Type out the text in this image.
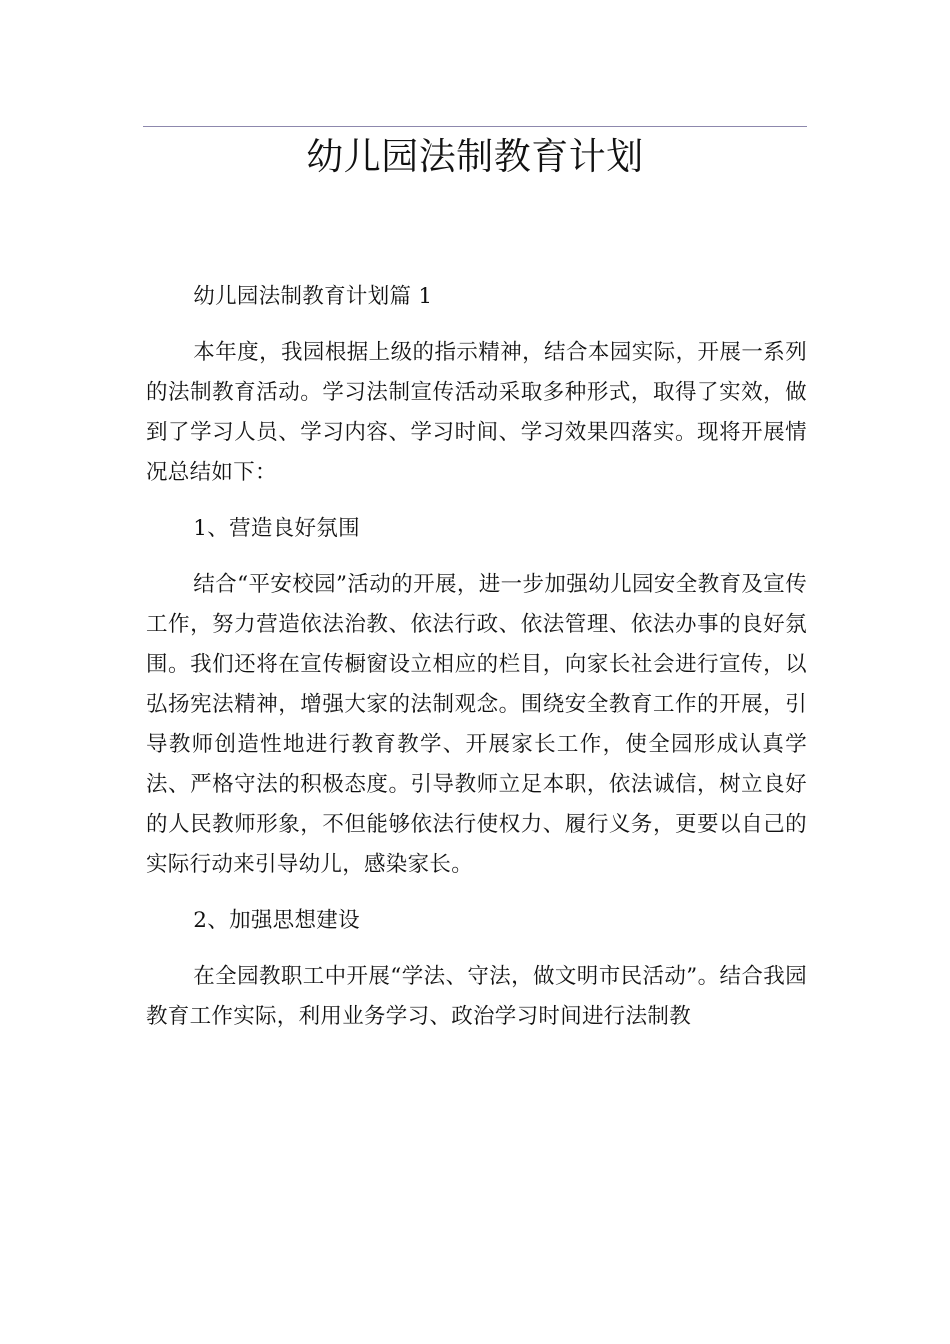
幼儿园法制教育计划

幼儿园法制教育计划篇 1

本年度，我园根据上级的指示精神，结合本园实际，开展一系列的法制教育活动。学习法制宣传活动采取多种形式，取得了实效，做到了学习人员、学习内容、学习时间、学习效果四落实。现将开展情况总结如下：

1、营造良好氛围

结合“平安校园”活动的开展，进一步加强幼儿园安全教育及宣传工作，努力营造依法治教、依法行政、依法管理、依法办事的良好氛围。我们还将在宣传橱窗设立相应的栏目，向家长社会进行宣传，以弘扬宪法精神，增强大家的法制观念。围绕安全教育工作的开展，引导教师创造性地进行教育教学、开展家长工作，使全园形成认真学法、严格守法的积极态度。引导教师立足本职，依法诚信，树立良好的人民教师形象，不但能够依法行使权力、履行义务，更要以自己的实际行动来引导幼儿，感染家长。

2、加强思想建设

在全园教职工中开展“学法、守法，做文明市民活动”。结合我园教育工作实际，利用业务学习、政治学习时间进行法制教
